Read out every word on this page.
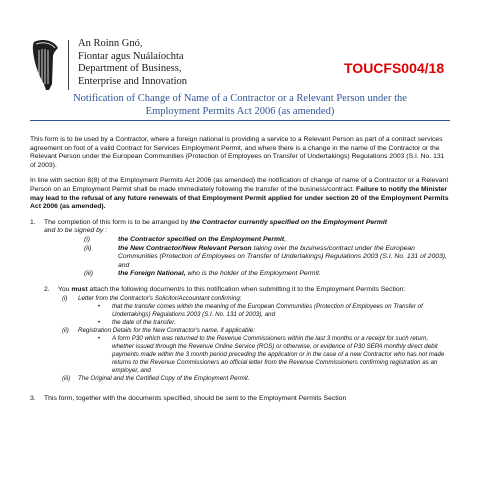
An Roinn Gnó,
Fiontar agus Nuálaíochta
Department of Business,
Enterprise and Innovation
TOUCFS004/18
Notification of Change of Name of a Contractor or a Relevant Person under the
Employment Permits Act 2006 (as amended)

This form is to be used by a Contractor, where a foreign national is providing a service to a Relevant Person as part of a contract services agreement on foot of a valid Contract for Services Employment Permit, and where there is a change in the name of the Contractor or the Relevant Person under the European Communities (Protection of Employees on Transfer of Undertakings) Regulations 2003 (S.I. No. 131 of 2003).

In line with section 8(8) of the Employment Permits Act 2006 (as amended) the notification of change of name of a Contractor or a Relevant Person on an Employment Permit shall be made immediately following the transfer of the business/contract. Failure to notify the Minister may lead to the refusal of any future renewals of that Employment Permit applied for under section 20 of the Employment Permits Act 2006 (as amended).

1.	The completion of this form is to be arranged by the Contractor currently specified on the Employment Permit
and to be signed by :
(i)	the Contractor specified on the Employment Permit,
(ii)	the New Contractor/New Relevant Person taking over the business/contract under the European Communities (Protection of Employees on Transfer of Undertakings) Regulations 2003 (S.I. No. 131 of 2003), and
(iii)	the Foreign National, who is the holder of the Employment Permit.
2.	You must attach the following document/s to this notification when submitting it to the Employment Permits Section:
(i)	Letter from the Contractor's Solicitor/Accountant confirming:
•	that the transfer comes within the meaning of the European Communities (Protection of Employees on Transfer of Undertakings) Regulations 2003 (S.I. No. 131 of 2003), and
•	the date of the transfer.
(ii)	Registration Details for the New Contractor's name, if applicable:
•	A form P30 which was returned to the Revenue Commissioners within the last 3 months or a receipt for such return, whether issued through the Revenue Online Service (ROS) or otherwise, or evidence of P30 SEPA monthly direct debit payments made within the 3 month period preceding the application or in the case of a new Contractor who has not made returns to the Revenue Commissioners an official letter from the Revenue Commissioners confirming registration as an employer, and
(iii)	The Original and the Certified Copy of the Employment Permit.
3.	This form, together with the documents specified, should be sent to the Employment Permits Section
